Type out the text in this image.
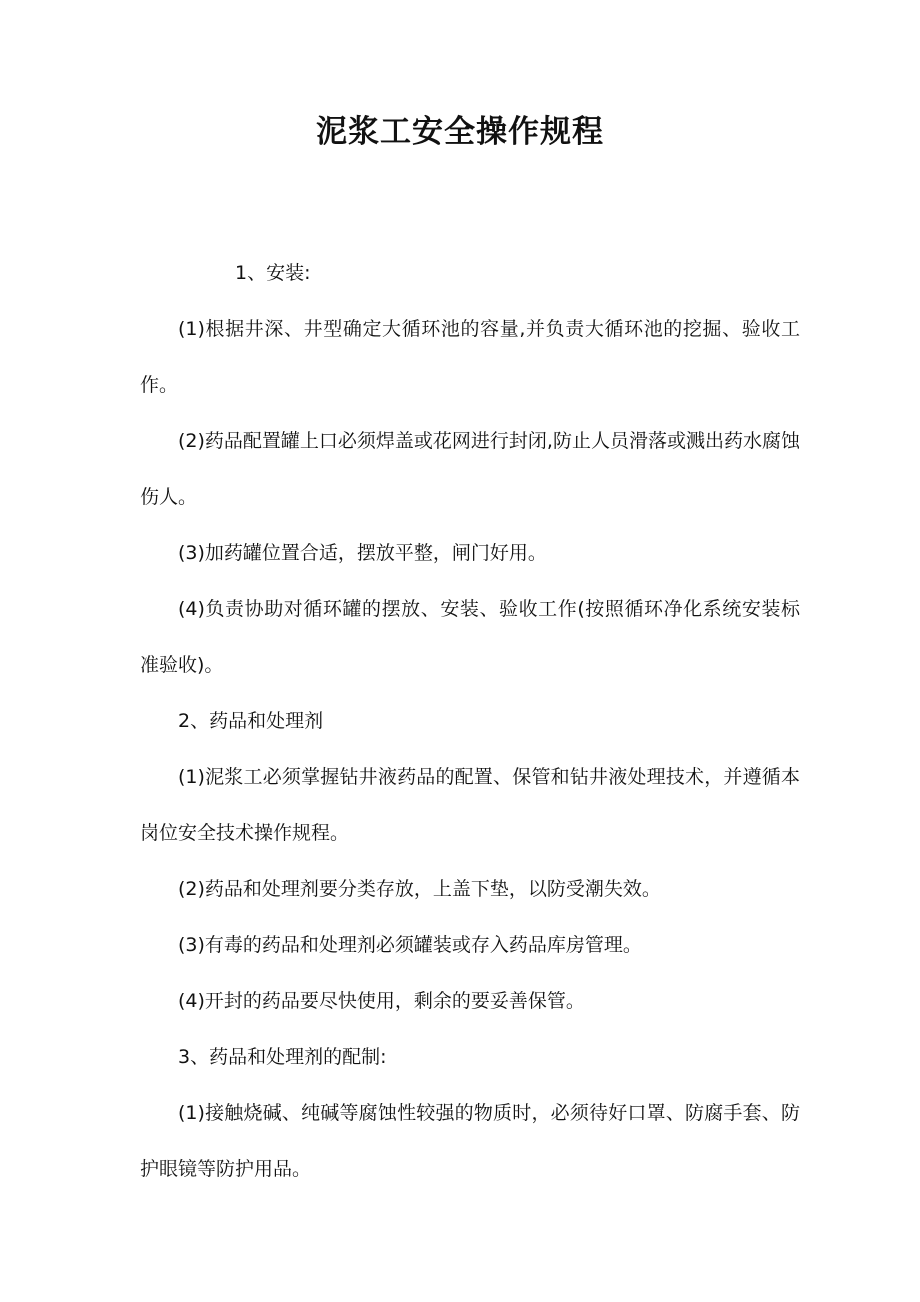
泥浆工安全操作规程

1、安装:

(1)根据井深、井型确定大循环池的容量,并负责大循环池的挖掘、验收工作。

(2)药品配置罐上口必须焊盖或花网进行封闭,防止人员滑落或溅出药水腐蚀伤人。

(3)加药罐位置合适，摆放平整，闸门好用。

(4)负责协助对循环罐的摆放、安装、验收工作(按照循环净化系统安装标准验收)。

2、药品和处理剂

(1)泥浆工必须掌握钻井液药品的配置、保管和钻井液处理技术，并遵循本岗位安全技术操作规程。

(2)药品和处理剂要分类存放，上盖下垫，以防受潮失效。

(3)有毒的药品和处理剂必须罐装或存入药品库房管理。

(4)开封的药品要尽快使用，剩余的要妥善保管。

3、药品和处理剂的配制:

(1)接触烧碱、纯碱等腐蚀性较强的物质时，必须待好口罩、防腐手套、防护眼镜等防护用品。
